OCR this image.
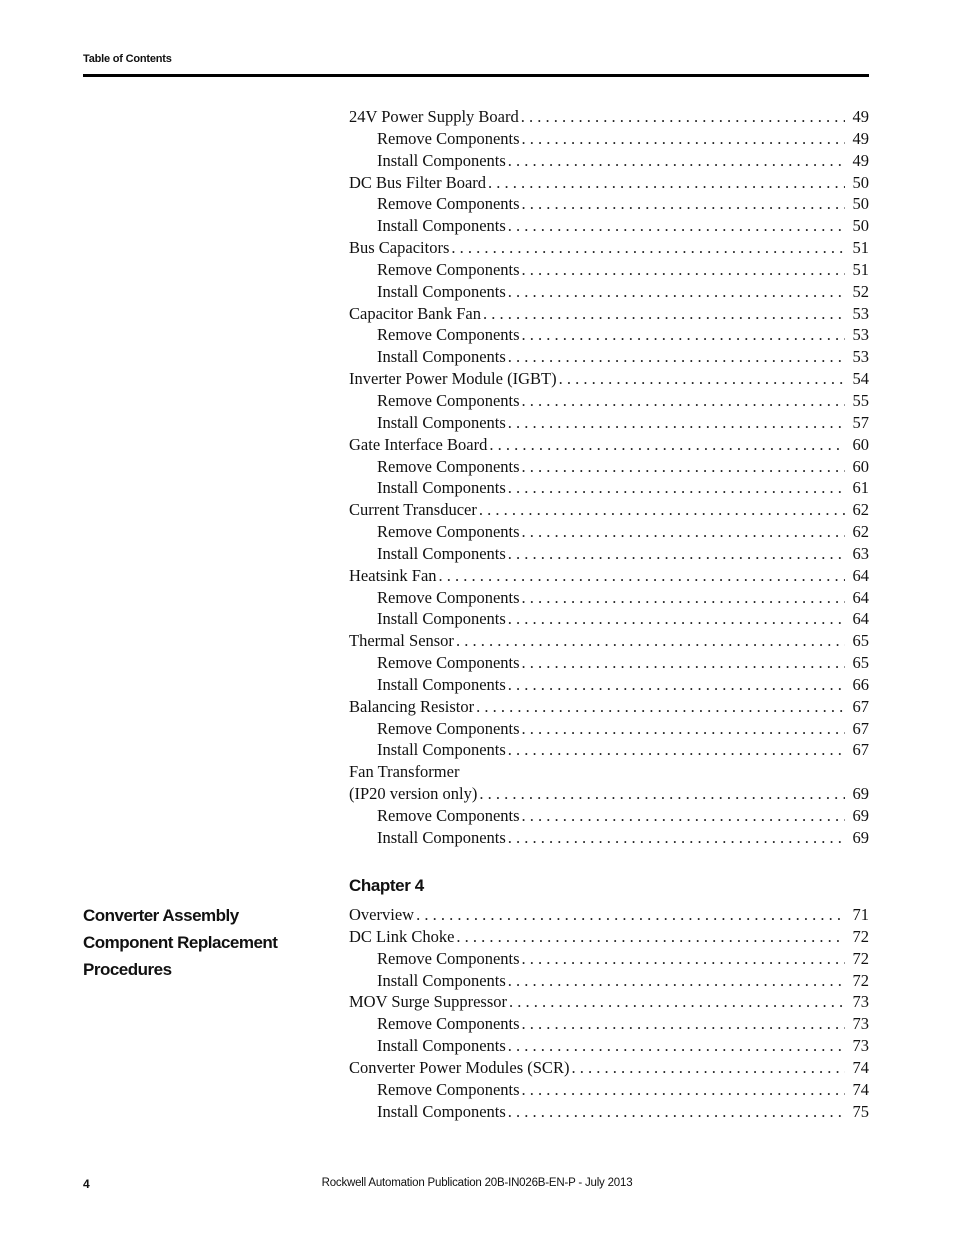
Table of Contents
24V Power Supply Board . . .	49
Remove Components . . .	49
Install Components . . .	49
DC Bus Filter Board . . .	50
Remove Components . . .	50
Install Components . . .	50
Bus Capacitors . . .	51
Remove Components . . .	51
Install Components . . .	52
Capacitor Bank Fan . . .	53
Remove Components . . .	53
Install Components . . .	53
Inverter Power Module (IGBT) . . .	54
Remove Components . . .	55
Install Components . . .	57
Gate Interface Board . . .	60
Remove Components . . .	60
Install Components . . .	61
Current Transducer . . .	62
Remove Components . . .	62
Install Components . . .	63
Heatsink Fan . . .	64
Remove Components . . .	64
Install Components . . .	64
Thermal Sensor . . .	65
Remove Components . . .	65
Install Components . . .	66
Balancing Resistor . . .	67
Remove Components . . .	67
Install Components . . .	67
Fan Transformer
(IP20 version only) . . .	69
Remove Components . . .	69
Install Components . . .	69
Chapter 4
Converter Assembly
Component Replacement Procedures
Overview . . .	71
DC Link Choke . . .	72
Remove Components . . .	72
Install Components . . .	72
MOV Surge Suppressor . . .	73
Remove Components . . .	73
Install Components . . .	73
Converter Power Modules (SCR) . . .	74
Remove Components . . .	74
Install Components . . .	75
4	Rockwell Automation Publication 20B-IN026B-EN-P - July 2013
